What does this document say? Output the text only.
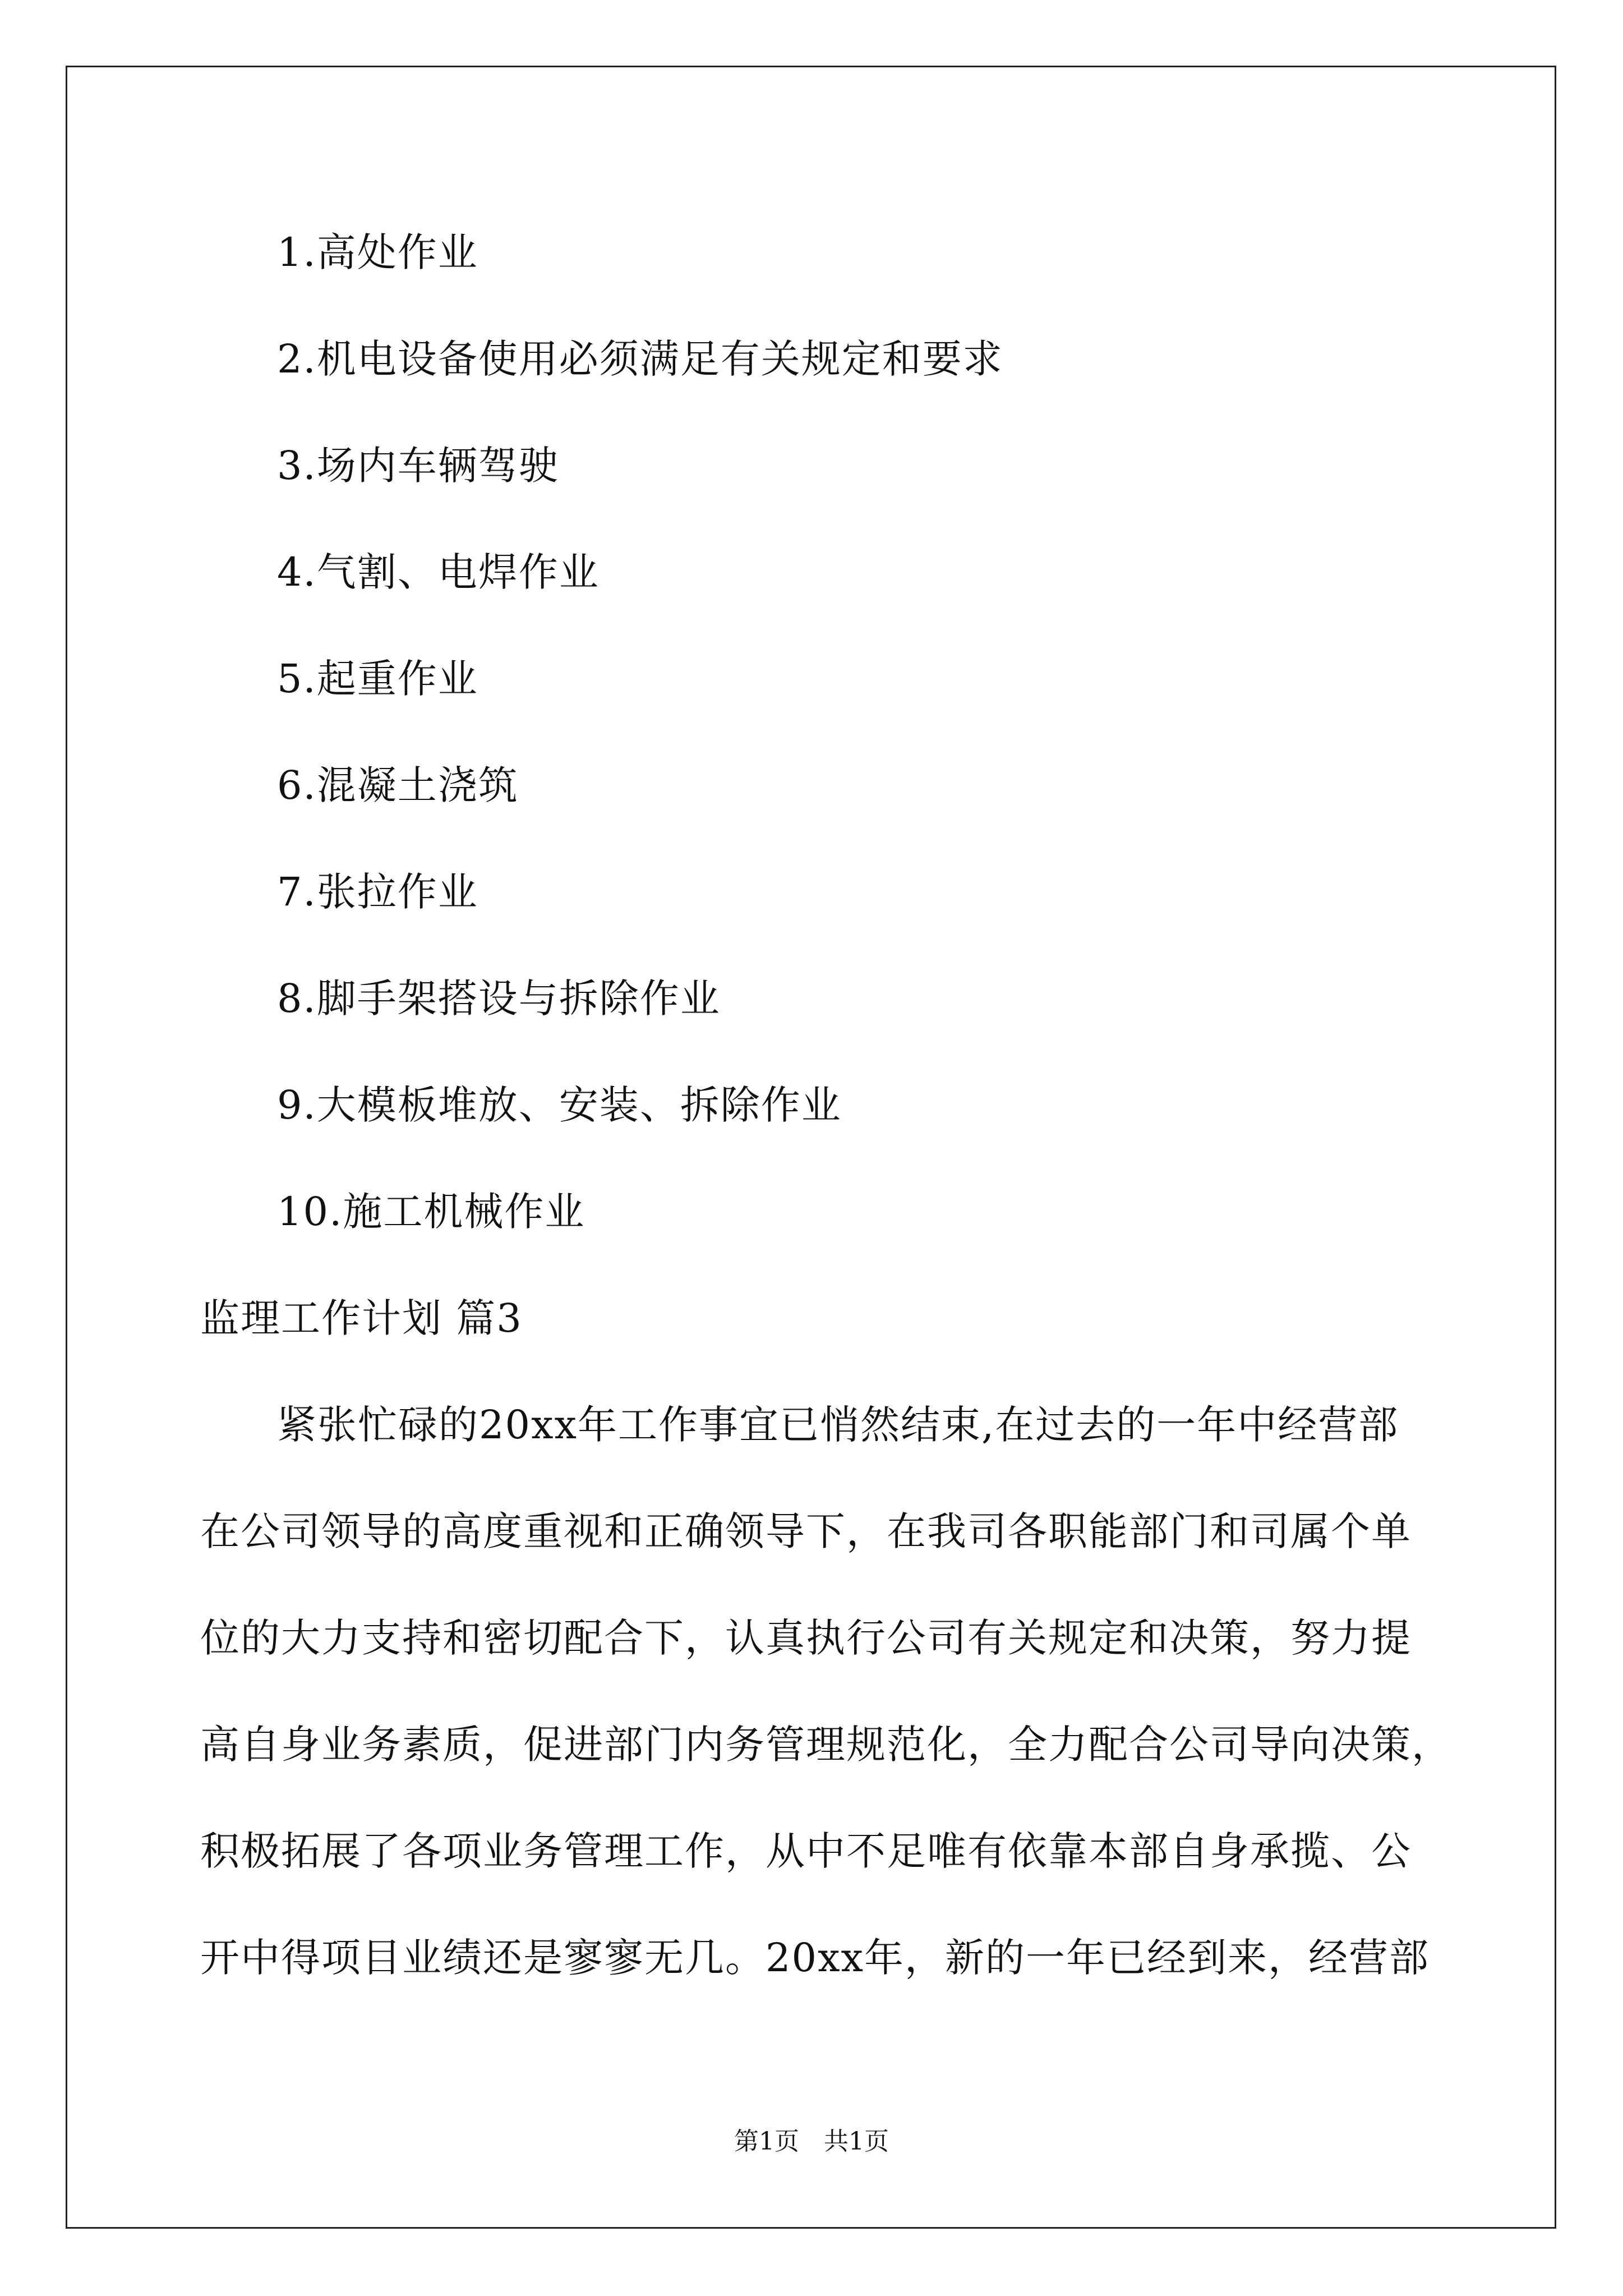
1.高处作业
2.机电设备使用必须满足有关规定和要求
3.场内车辆驾驶
4.气割、电焊作业
5.起重作业
6.混凝土浇筑
7.张拉作业
8.脚手架搭设与拆除作业
9.大模板堆放、安装、拆除作业
10.施工机械作业
监理工作计划 篇3
紧张忙碌的20xx年工作事宜已悄然结束,在过去的一年中经营部
在公司领导的高度重视和正确领导下，在我司各职能部门和司属个单
位的大力支持和密切配合下，认真执行公司有关规定和决策，努力提
高自身业务素质，促进部门内务管理规范化，全力配合公司导向决策，
积极拓展了各项业务管理工作，从中不足唯有依靠本部自身承揽、公
开中得项目业绩还是寥寥无几。20xx年，新的一年已经到来，经营部
第1页　共1页
